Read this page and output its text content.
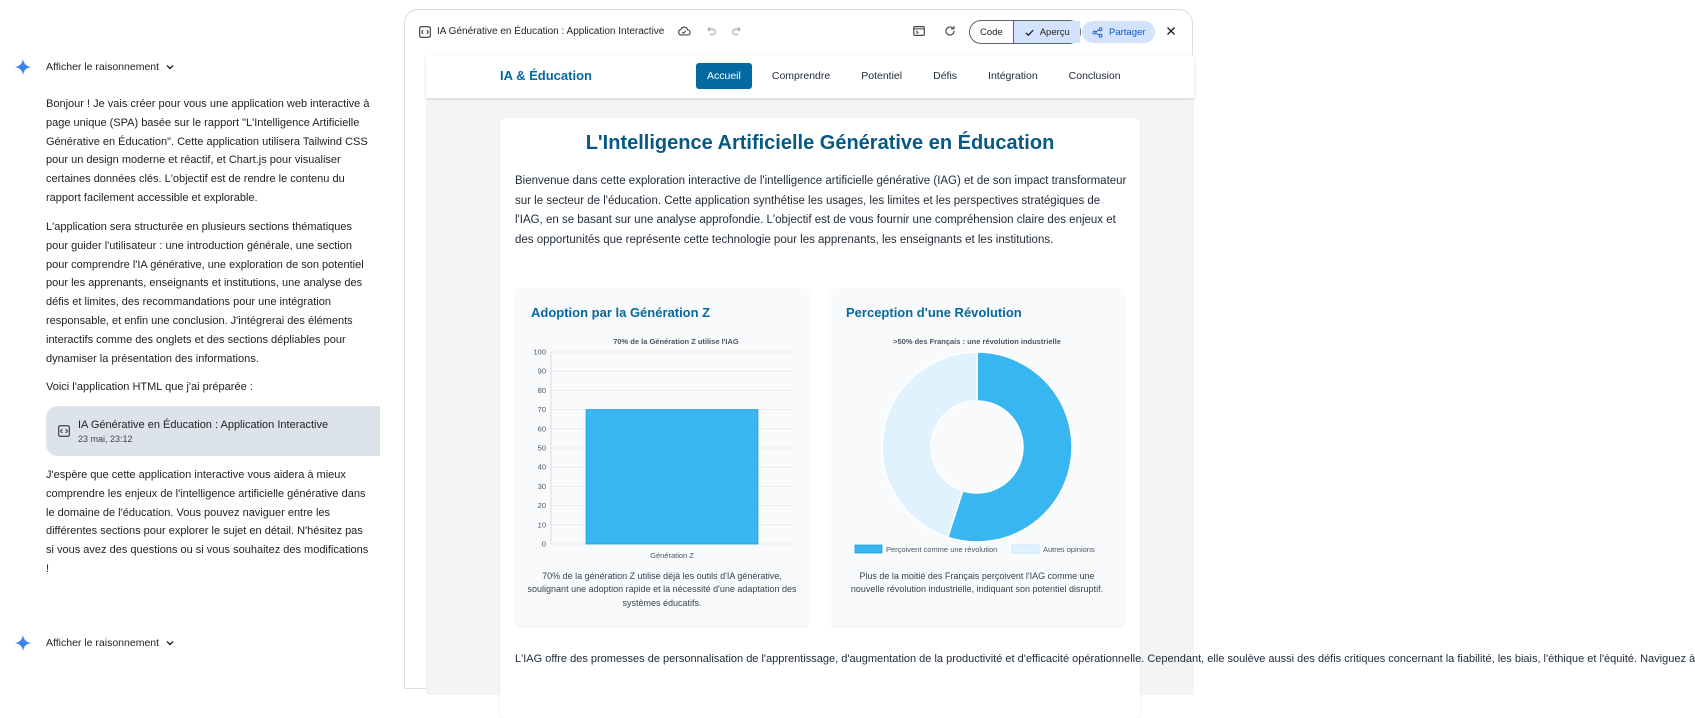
Afficher le raisonnement

Bonjour ! Je vais créer pour vous une application web interactive à page unique (SPA) basée sur le rapport "L'Intelligence Artificielle Générative en Éducation". Cette application utilisera Tailwind CSS pour un design moderne et réactif, et Chart.js pour visualiser certaines données clés. L'objectif est de rendre le contenu du rapport facilement accessible et explorable.

L'application sera structurée en plusieurs sections thématiques pour guider l'utilisateur : une introduction générale, une section pour comprendre l'IA générative, une exploration de son potentiel pour les apprenants, enseignants et institutions, une analyse des défis et limites, des recommandations pour une intégration responsable, et enfin une conclusion. J'intégrerai des éléments interactifs comme des onglets et des sections dépliables pour dynamiser la présentation des informations.

Voici l'application HTML que j'ai préparée :

IA Générative en Éducation : Application Interactive
23 mai, 23:12

J'espère que cette application interactive vous aidera à mieux comprendre les enjeux de l'intelligence artificielle générative dans le domaine de l'éducation. Vous pouvez naviguer entre les différentes sections pour explorer le sujet en détail. N'hésitez pas si vous avez des questions ou si vous souhaitez des modifications !

Afficher le raisonnement
IA Générative en Éducation : Application Interactive	Code	Aperçu	Partager
IA & Éducation	Accueil	Comprendre	Potentiel	Défis	Intégration	Conclusion
L'Intelligence Artificielle Générative en Éducation

Bienvenue dans cette exploration interactive de l'intelligence artificielle générative (IAG) et de son impact transformateur sur le secteur de l'éducation. Cette application synthétise les usages, les limites et les perspectives stratégiques de l'IAG, en se basant sur une analyse approfondie. L'objectif est de vous fournir une compréhension claire des enjeux et des opportunités que représente cette technologie pour les apprenants, les enseignants et les institutions.

Adoption par la Génération Z
70% de la Génération Z utilise l'IAG
0
10
20
30
40
50
60
70
80
90
100
Génération Z

70% de la génération Z utilise déjà les outils d'IA générative, soulignant une adoption rapide et la nécessité d'une adaptation des systèmes éducatifs.

Perception d'une Révolution
>50% des Français : une révolution industrielle
Perçoivent comme une révolution	Autres opinions

Plus de la moitié des Français perçoivent l'IAG comme une nouvelle révolution industrielle, indiquant son potentiel disruptif.

L'IAG offre des promesses de personnalisation de l'apprentissage, d'augmentation de la productivité et d'efficacité opérationnelle. Cependant, elle soulève aussi des défis critiques concernant la fiabilité, les biais, l'éthique et l'équité. Naviguez à
